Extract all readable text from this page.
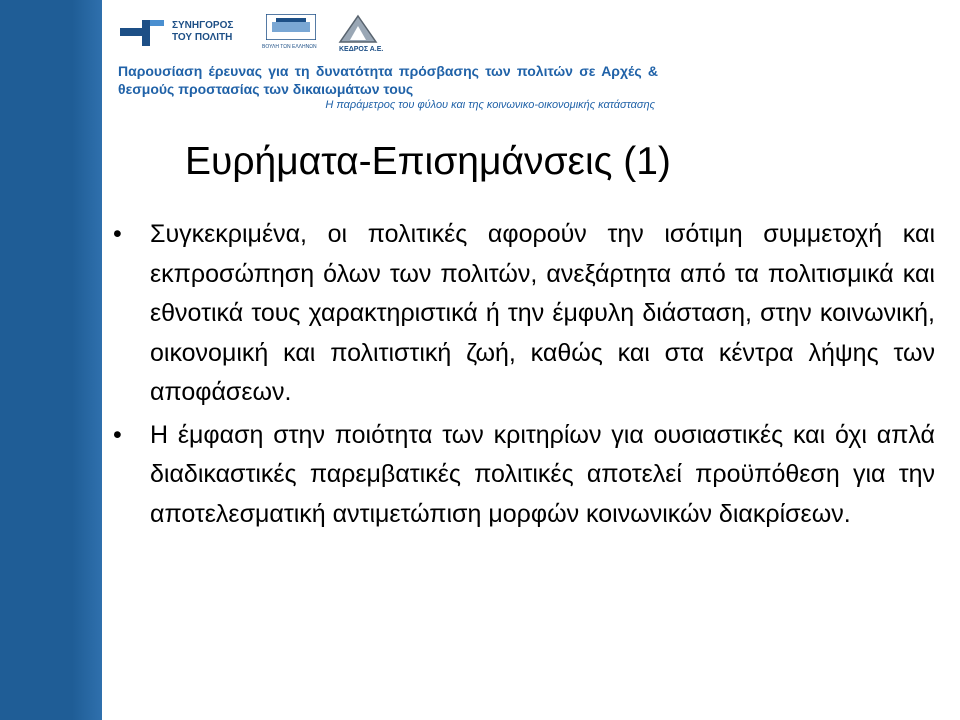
ΣΥΝΗΓΟΡΟΣ
ΤΟΥ ΠΟΛΙΤΗ
ΒΟΥΛΗ ΤΩΝ ΕΛΛΗΝΩΝ	ΚΕΔΡΟΣ Α.Ε.
Παρουσίαση έρευνας για τη δυνατότητα πρόσβασης των πολιτών σε Αρχές & θεσμούς προστασίας των δικαιωμάτων τους
Η παράμετρος του φύλου και της κοινωνικο-οικονομικής κατάστασης
Ευρήματα-Επισημάνσεις (1)
• Συγκεκριμένα, οι πολιτικές αφορούν την ισότιμη συμμετοχή και εκπροσώπηση όλων των πολιτών, ανεξάρτητα από τα πολιτισμικά και εθνοτικά τους χαρακτηριστικά ή την έμφυλη διάσταση, στην κοινωνική, οικονομική και πολιτιστική ζωή, καθώς και στα κέντρα λήψης των αποφάσεων.
• Η έμφαση στην ποιότητα των κριτηρίων για ουσιαστικές και όχι απλά διαδικαστικές παρεμβατικές πολιτικές αποτελεί προϋπόθεση για την αποτελεσματική αντιμετώπιση μορφών κοινωνικών διακρίσεων.
